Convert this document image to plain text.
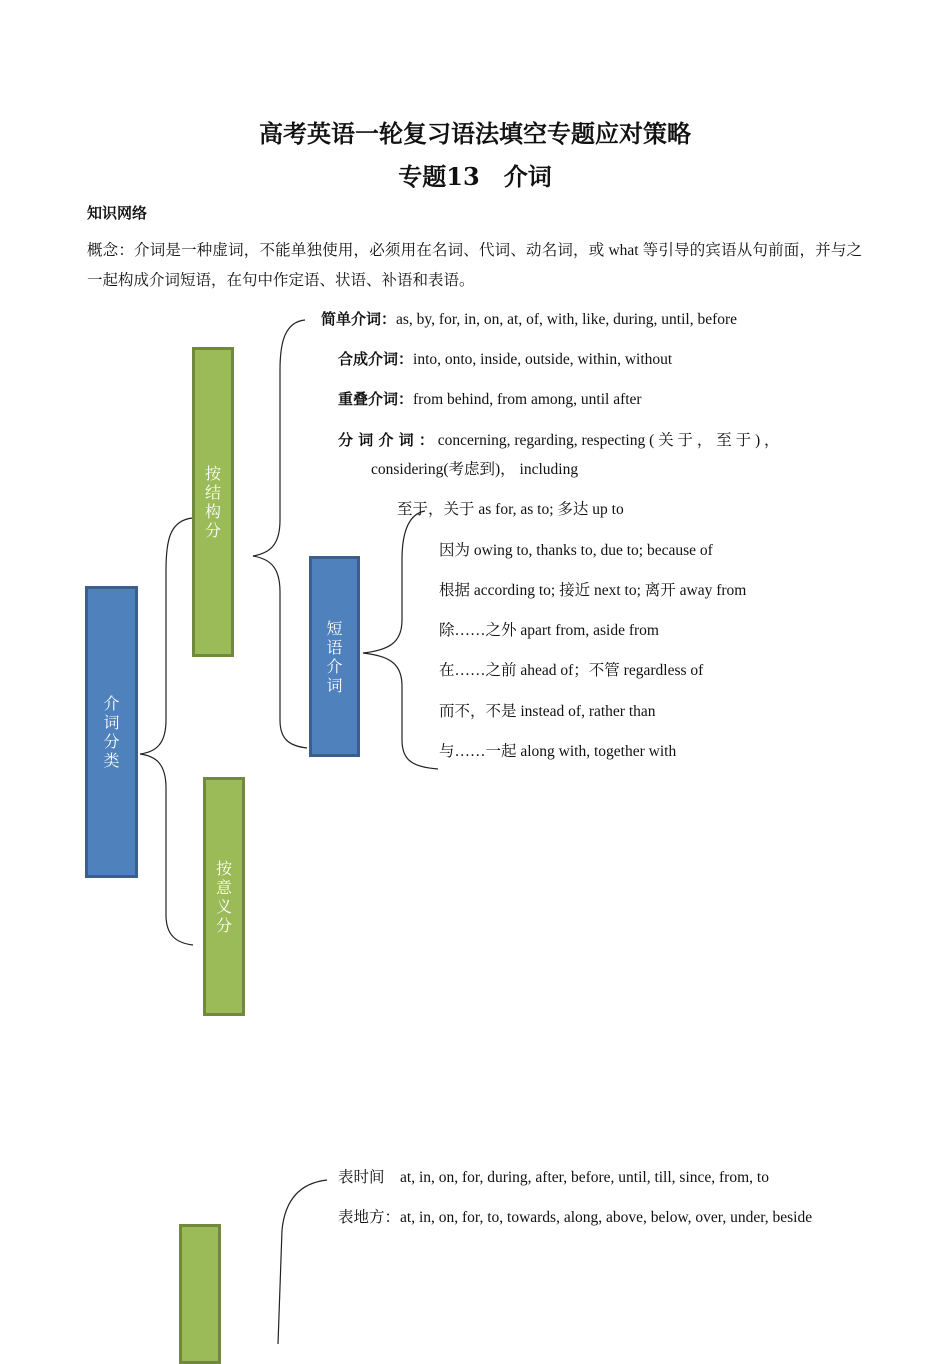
高考英语一轮复习语法填空专题应对策略
专题13　介词
知识网络
概念：介词是一种虚词，不能单独使用，必须用在名词、代词、动名词，或 what 等引导的宾语从句前面，并与之一起构成介词短语，在句中作定语、状语、补语和表语。
介词分类
按结构分
按意义分
短语介词
简单介词：as, by, for, in, on, at, of, with, like, during, until, before
合成介词：into, onto, inside, outside, within, without
重叠介词：from behind, from among, until after
分 词 介 词 ： concerning, regarding, respecting ( 关 于 ， 至 于 ) ，
considering(考虑到)， including
至于，关于 as for, as to; 多达 up to
因为 owing to, thanks to, due to; because of
根据 according to; 接近 next to; 离开 away from
除……之外 apart from, aside from
在……之前 ahead of；不管 regardless of
而不，不是 instead of, rather than
与……一起 along with, together with
表时间　at, in, on, for, during, after, before, until, till, since, from, to
表地方：at, in, on, for, to, towards, along, above, below, over, under, beside
